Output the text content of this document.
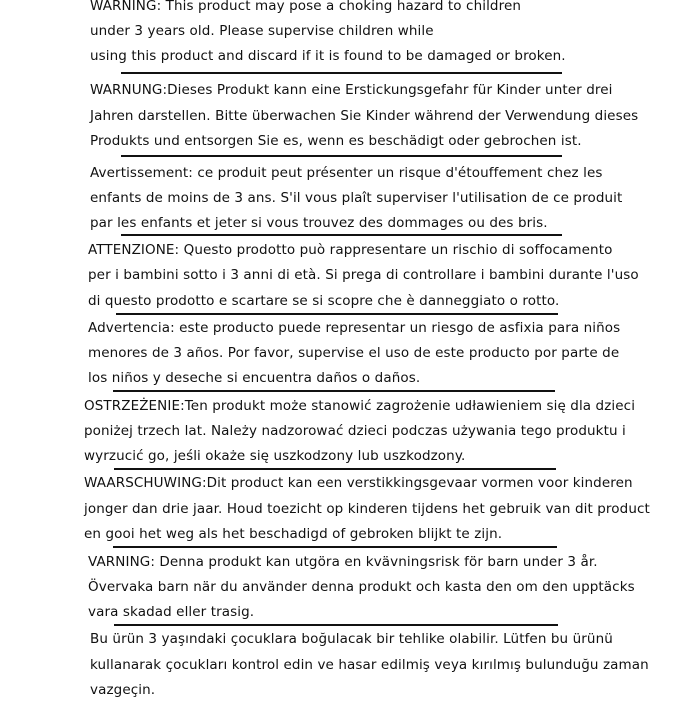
WARNING: This product may pose a choking hazard to children
under 3 years old. Please supervise children while
using this product and discard if it is found to be damaged or broken.
WARNUNG:Dieses Produkt kann eine Erstickungsgefahr für Kinder unter drei
Jahren darstellen. Bitte überwachen Sie Kinder während der Verwendung dieses
Produkts und entsorgen Sie es, wenn es beschädigt oder gebrochen ist.
Avertissement: ce produit peut présenter un risque d'étouffement chez les
enfants de moins de 3 ans. S'il vous plaît superviser l'utilisation de ce produit
par les enfants et jeter si vous trouvez des dommages ou des bris.
ATTENZIONE: Questo prodotto può rappresentare un rischio di soffocamento
per i bambini sotto i 3 anni di età. Si prega di controllare i bambini durante l'uso
di questo prodotto e scartare se si scopre che è danneggiato o rotto.
Advertencia: este producto puede representar un riesgo de asfixia para niños
menores de 3 años. Por favor, supervise el uso de este producto por parte de
los niños y deseche si encuentra daños o daños.
OSTRZEŻENIE:Ten produkt może stanowić zagrożenie udławieniem się dla dzieci
poniżej trzech lat. Należy nadzorować dzieci podczas używania tego produktu i
wyrzucić go, jeśli okaże się uszkodzony lub uszkodzony.
WAARSCHUWING:Dit product kan een verstikkingsgevaar vormen voor kinderen
jonger dan drie jaar. Houd toezicht op kinderen tijdens het gebruik van dit product
en gooi het weg als het beschadigd of gebroken blijkt te zijn.
VARNING: Denna produkt kan utgöra en kvävningsrisk för barn under 3 år.
Övervaka barn när du använder denna produkt och kasta den om den upptäcks
vara skadad eller trasig.
Bu ürün 3 yaşındaki çocuklara boğulacak bir tehlike olabilir. Lütfen bu ürünü
kullanarak çocukları kontrol edin ve hasar edilmiş veya kırılmış bulunduğu zaman
vazgeçin.
